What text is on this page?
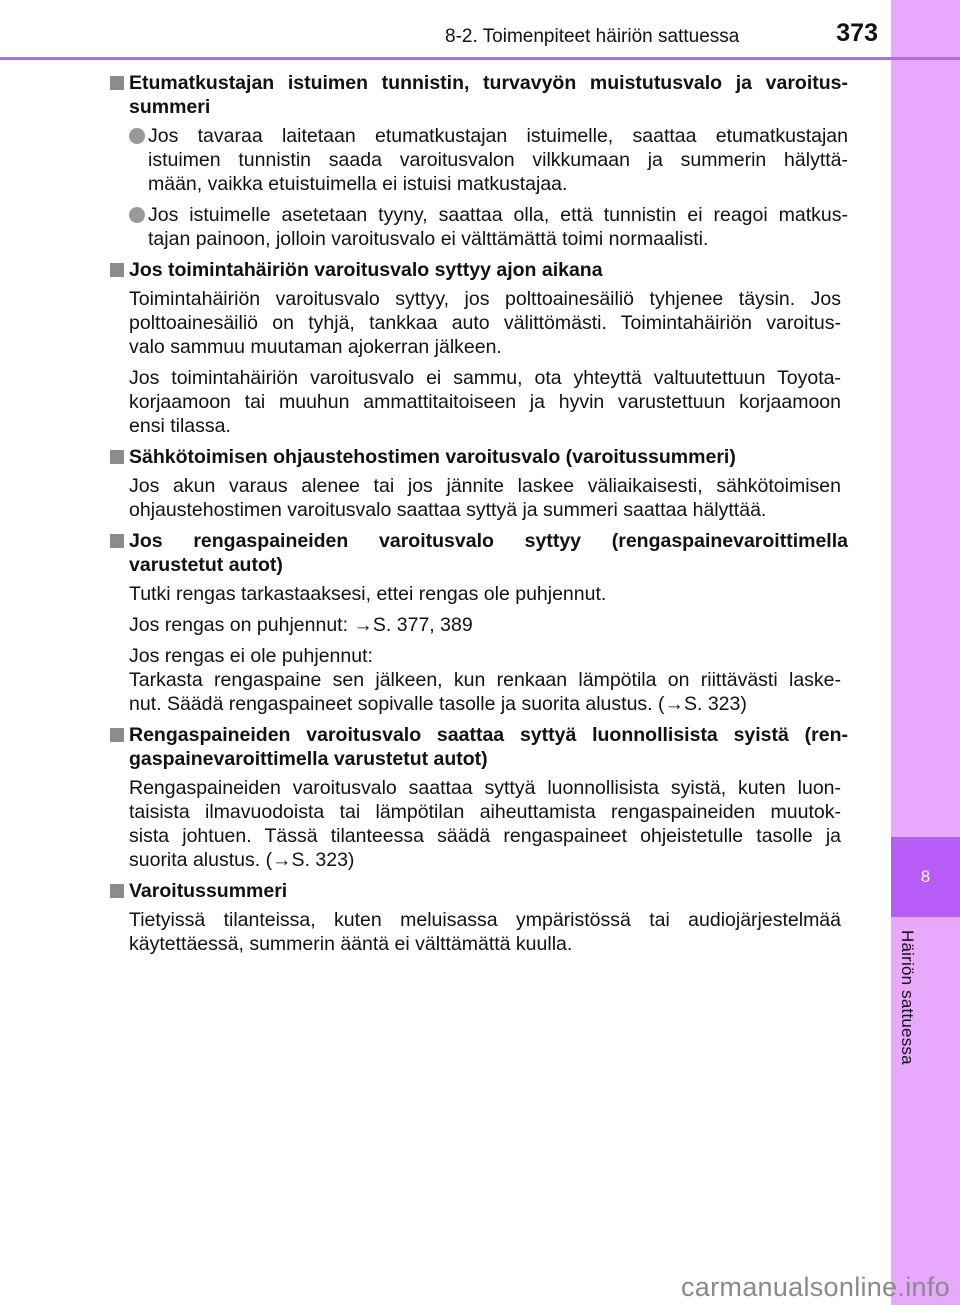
8
Häiriön sattuessa
8-2. Toimenpiteet häiriön sattuessa	373
Etumatkustajan istuimen tunnistin, turvavyön muistutusvalo ja varoitus-
summeri
Jos tavaraa laitetaan etumatkustajan istuimelle, saattaa etumatkustajan
istuimen tunnistin saada varoitusvalon vilkkumaan ja summerin hälyttä-
mään, vaikka etuistuimella ei istuisi matkustajaa.
Jos istuimelle asetetaan tyyny, saattaa olla, että tunnistin ei reagoi matkus-
tajan painoon, jolloin varoitusvalo ei välttämättä toimi normaalisti.
Jos toimintahäiriön varoitusvalo syttyy ajon aikana
Toimintahäiriön varoitusvalo syttyy, jos polttoainesäiliö tyhjenee täysin. Jos
polttoainesäiliö on tyhjä, tankkaa auto välittömästi. Toimintahäiriön varoitus-
valo sammuu muutaman ajokerran jälkeen.
Jos toimintahäiriön varoitusvalo ei sammu, ota yhteyttä valtuutettuun Toyota-
korjaamoon tai muuhun ammattitaitoiseen ja hyvin varustettuun korjaamoon
ensi tilassa.
Sähkötoimisen ohjaustehostimen varoitusvalo (varoitussummeri)
Jos akun varaus alenee tai jos jännite laskee väliaikaisesti, sähkötoimisen
ohjaustehostimen varoitusvalo saattaa syttyä ja summeri saattaa hälyttää.
Jos rengaspaineiden varoitusvalo syttyy (rengaspainevaroittimella
varustetut autot)
Tutki rengas tarkastaaksesi, ettei rengas ole puhjennut.
Jos rengas on puhjennut: →S. 377, 389
Jos rengas ei ole puhjennut:
Tarkasta rengaspaine sen jälkeen, kun renkaan lämpötila on riittävästi laske-
nut. Säädä rengaspaineet sopivalle tasolle ja suorita alustus. (→S. 323)
Rengaspaineiden varoitusvalo saattaa syttyä luonnollisista syistä (ren-
gaspainevaroittimella varustetut autot)
Rengaspaineiden varoitusvalo saattaa syttyä luonnollisista syistä, kuten luon-
taisista ilmavuodoista tai lämpötilan aiheuttamista rengaspaineiden muutok-
sista johtuen. Tässä tilanteessa säädä rengaspaineet ohjeistetulle tasolle ja
suorita alustus. (→S. 323)
Varoitussummeri
Tietyissä tilanteissa, kuten meluisassa ympäristössä tai audiojärjestelmää
käytettäessä, summerin ääntä ei välttämättä kuulla.
carmanualsonline.info
